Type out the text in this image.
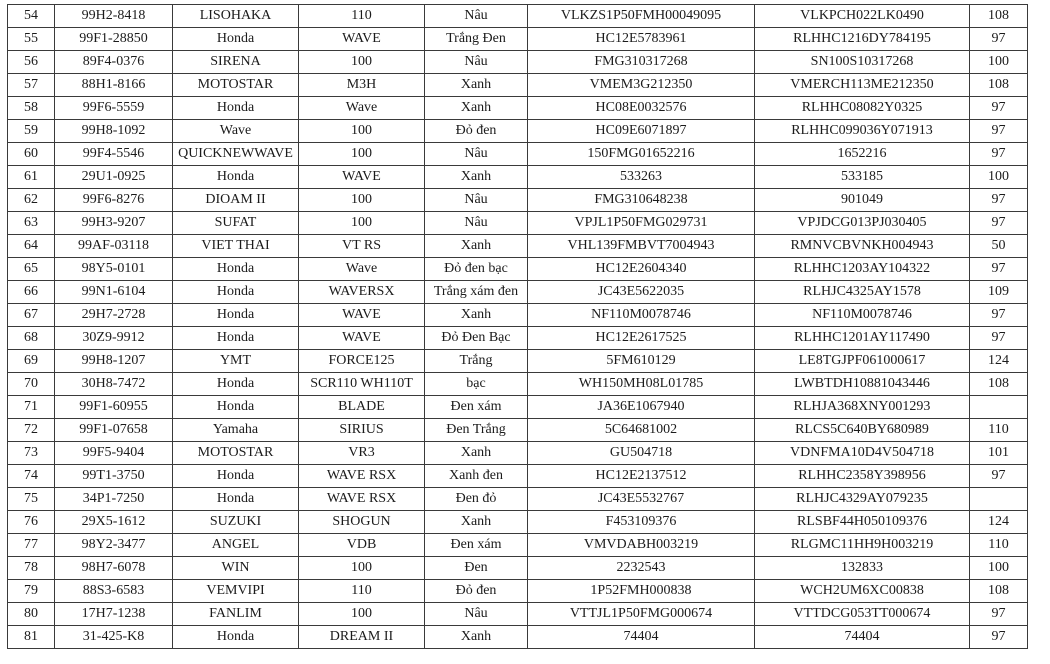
54	99H2-8418	LISOHAKA	110	Nâu	VLKZS1P50FMH00049095	VLKPCH022LK0490	108
55	99F1-28850	Honda	WAVE	Trắng Đen	HC12E5783961	RLHHC1216DY784195	97
56	89F4-0376	SIRENA	100	Nâu	FMG310317268	SN100S10317268	100
57	88H1-8166	MOTOSTAR	M3H	Xanh	VMEM3G212350	VMERCH113ME212350	108
58	99F6-5559	Honda	Wave	Xanh	HC08E0032576	RLHHC08082Y0325	97
59	99H8-1092	Wave	100	Đỏ đen	HC09E6071897	RLHHC099036Y071913	97
60	99F4-5546	QUICKNEWWAVE	100	Nâu	150FMG01652216	1652216	97
61	29U1-0925	Honda	WAVE	Xanh	533263	533185	100
62	99F6-8276	DIOAM II	100	Nâu	FMG310648238	901049	97
63	99H3-9207	SUFAT	100	Nâu	VPJL1P50FMG029731	VPJDCG013PJ030405	97
64	99AF-03118	VIET THAI	VT RS	Xanh	VHL139FMBVT7004943	RMNVCBVNKH004943	50
65	98Y5-0101	Honda	Wave	Đỏ đen bạc	HC12E2604340	RLHHC1203AY104322	97
66	99N1-6104	Honda	WAVERSX	Trắng xám đen	JC43E5622035	RLHJC4325AY1578	109
67	29H7-2728	Honda	WAVE	Xanh	NF110M0078746	NF110M0078746	97
68	30Z9-9912	Honda	WAVE	Đỏ Đen Bạc	HC12E2617525	RLHHC1201AY117490	97
69	99H8-1207	YMT	FORCE125	Trắng	5FM610129	LE8TGJPF061000617	124
70	30H8-7472	Honda	SCR110 WH110T	bạc	WH150MH08L01785	LWBTDH10881043446	108
71	99F1-60955	Honda	BLADE	Đen xám	JA36E1067940	RLHJA368XNY001293	
72	99F1-07658	Yamaha	SIRIUS	Đen Trắng	5C64681002	RLCS5C640BY680989	110
73	99F5-9404	MOTOSTAR	VR3	Xanh	GU504718	VDNFMA10D4V504718	101
74	99T1-3750	Honda	WAVE RSX	Xanh đen	HC12E2137512	RLHHC2358Y398956	97
75	34P1-7250	Honda	WAVE RSX	Đen đỏ	JC43E5532767	RLHJC4329AY079235	
76	29X5-1612	SUZUKI	SHOGUN	Xanh	F453109376	RLSBF44H050109376	124
77	98Y2-3477	ANGEL	VDB	Đen xám	VMVDABH003219	RLGMC11HH9H003219	110
78	98H7-6078	WIN	100	Đen	2232543	132833	100
79	88S3-6583	VEMVIPI	110	Đỏ đen	1P52FMH000838	WCH2UM6XC00838	108
80	17H7-1238	FANLIM	100	Nâu	VTTJL1P50FMG000674	VTTDCG053TT000674	97
81	31-425-K8	Honda	DREAM II	Xanh	74404	74404	97
